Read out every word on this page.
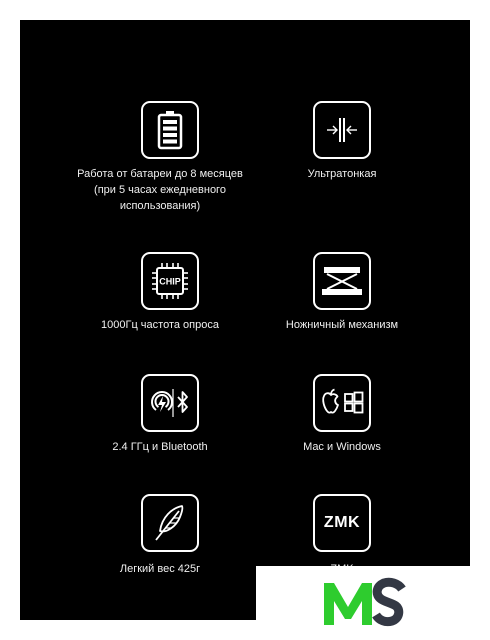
Работа от батареи до 8 месяцев
(при 5 часах ежедневного
использования)
Ультратонкая
CHIP
1000Гц частота опроса	Ножничный механизм
2.4 ГГц и Bluetooth	Mac и Windows
Легкий вес 425г
ZMK
